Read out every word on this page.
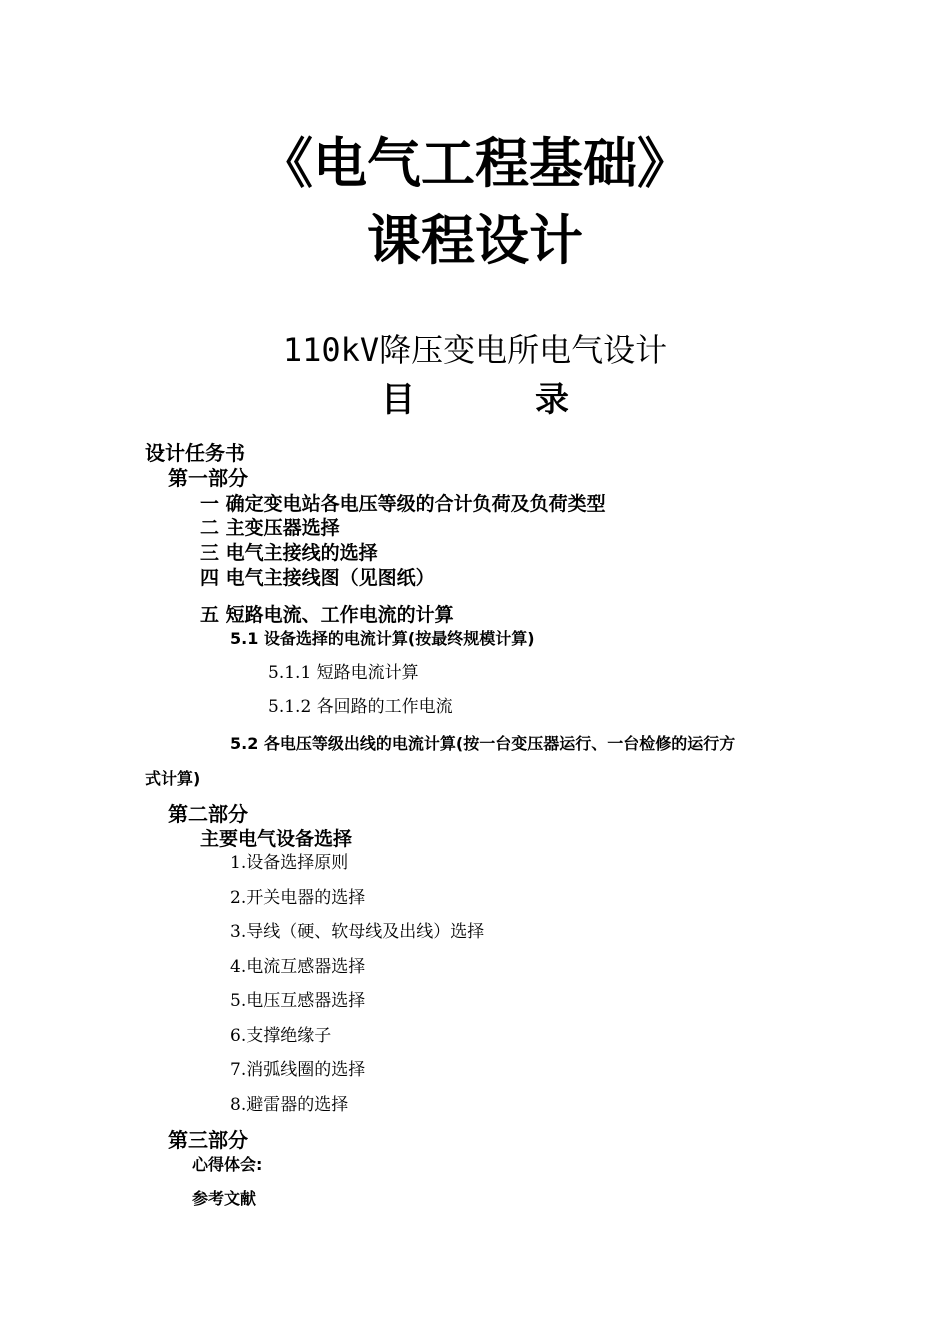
《电气工程基础》
课程设计
110kV降压变电所电气设计
目	录
设计任务书
第一部分
一 确定变电站各电压等级的合计负荷及负荷类型
二 主变压器选择
三 电气主接线的选择
四 电气主接线图（见图纸）
五 短路电流、工作电流的计算
5.1 设备选择的电流计算(按最终规模计算)
5.1.1 短路电流计算
5.1.2 各回路的工作电流
5.2 各电压等级出线的电流计算(按一台变压器运行、一台检修的运行方
式计算)
第二部分
主要电气设备选择
1.设备选择原则
2.开关电器的选择
3.导线（硬、软母线及出线）选择
4.电流互感器选择
5.电压互感器选择
6.支撑绝缘子
7.消弧线圈的选择
8.避雷器的选择
第三部分
心得体会:
参考文献
